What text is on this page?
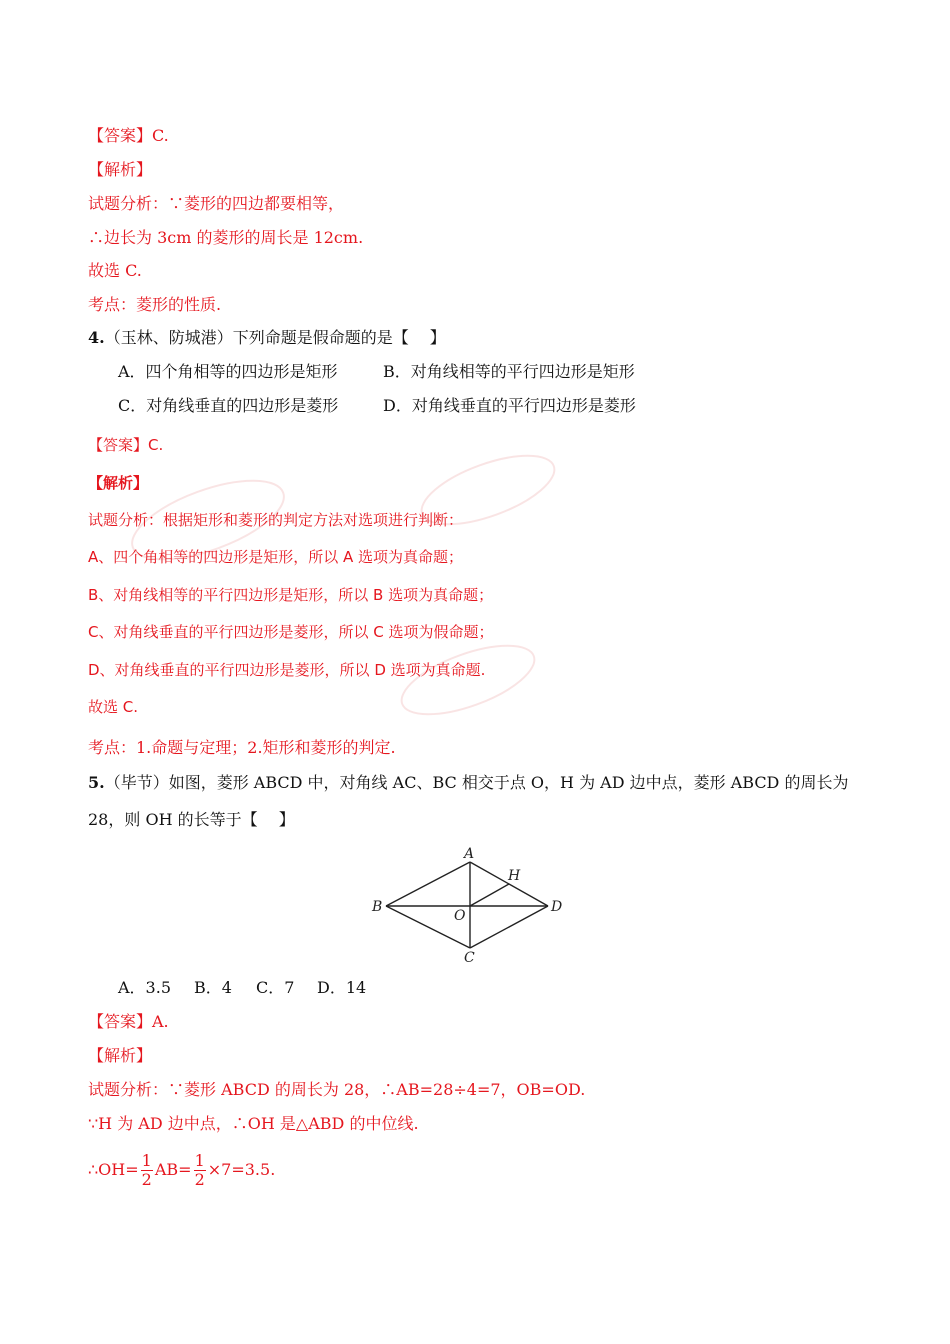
【答案】C.
【解析】
试题分析：∵菱形的四边都要相等，
∴边长为 3cm 的菱形的周长是 12cm.
故选 C.
考点：菱形的性质.
4.（玉林、防城港）下列命题是假命题的是【　 】
A．四个角相等的四边形是矩形	B．对角线相等的平行四边形是矩形
C．对角线垂直的四边形是菱形	D．对角线垂直的平行四边形是菱形
【答案】C.
【解析】
试题分析：根据矩形和菱形的判定方法对选项进行判断：
A、四个角相等的四边形是矩形，所以 A 选项为真命题；
B、对角线相等的平行四边形是矩形，所以 B 选项为真命题；
C、对角线垂直的平行四边形是菱形，所以 C 选项为假命题；
D、对角线垂直的平行四边形是菱形，所以 D 选项为真命题.
故选 C.
考点：1.命题与定理；2.矩形和菱形的判定.
5.（毕节）如图，菱形 ABCD 中，对角线 AC、BC 相交于点 O，H 为 AD 边中点，菱形 ABCD 的周长为
28，则 OH 的长等于【　 】
A
B
C
D
H
O
A．3.5 B．4 C．7 D．14
【答案】A.
【解析】
试题分析：∵菱形 ABCD 的周长为 28，∴AB=28÷4=7，OB=OD.
∵H 为 AD 边中点，∴OH 是△ABD 的中位线.
∴OH= $\frac{1}{2} AB= \frac{1}{2} \times 7=3.5$.
